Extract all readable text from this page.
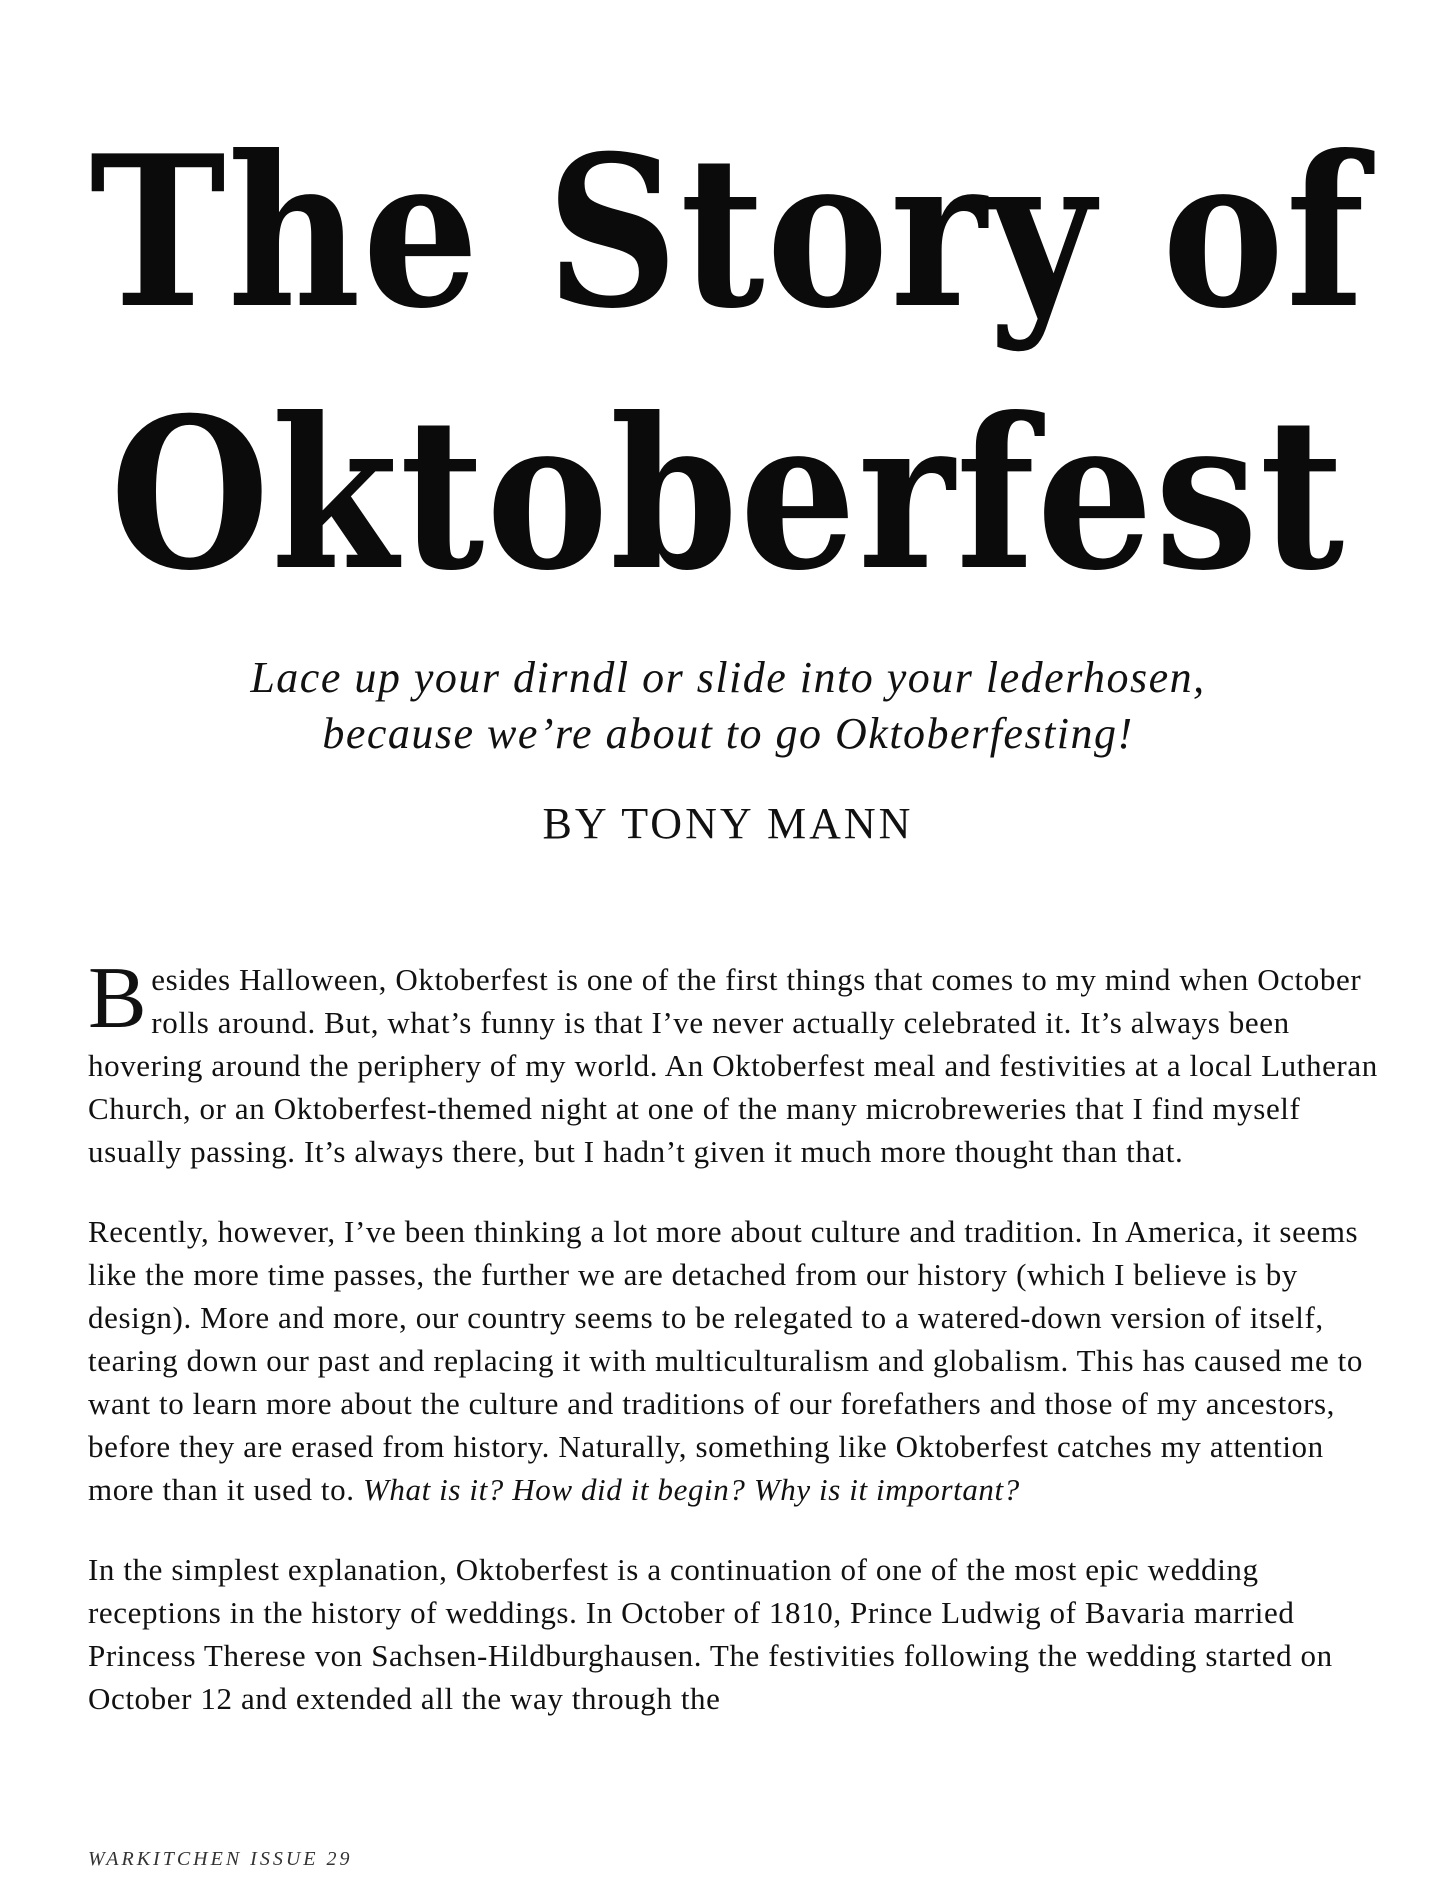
The Story of
Oktoberfest
Lace up your dirndl or slide into your lederhosen,
because we’re about to go Oktoberfesting!
BY TONY MANN

Besides Halloween, Oktoberfest is one of the first things that comes to my mind when October rolls around. But, what’s funny is that I’ve never actually celebrated it. It’s always been hovering around the periphery of my world. An Oktoberfest meal and festivities at a local Lutheran Church, or an Oktoberfest-themed night at one of the many microbreweries that I find myself usually passing. It’s always there, but I hadn’t given it much more thought than that.

Recently, however, I’ve been thinking a lot more about culture and tradition. In America, it seems like the more time passes, the further we are detached from our history (which I believe is by design). More and more, our country seems to be relegated to a watered-down version of itself, tearing down our past and replacing it with multiculturalism and globalism. This has caused me to want to learn more about the culture and traditions of our forefathers and those of my ancestors, before they are erased from history. Naturally, something like Oktoberfest catches my attention more than it used to. What is it? How did it begin? Why is it important?

In the simplest explanation, Oktoberfest is a continuation of one of the most epic wedding receptions in the history of weddings. In October of 1810, Prince Ludwig of Bavaria married Princess Therese von Sachsen-Hildburghausen. The festivities following the wedding started on October 12 and extended all the way through the

WARKITCHEN ISSUE 29
